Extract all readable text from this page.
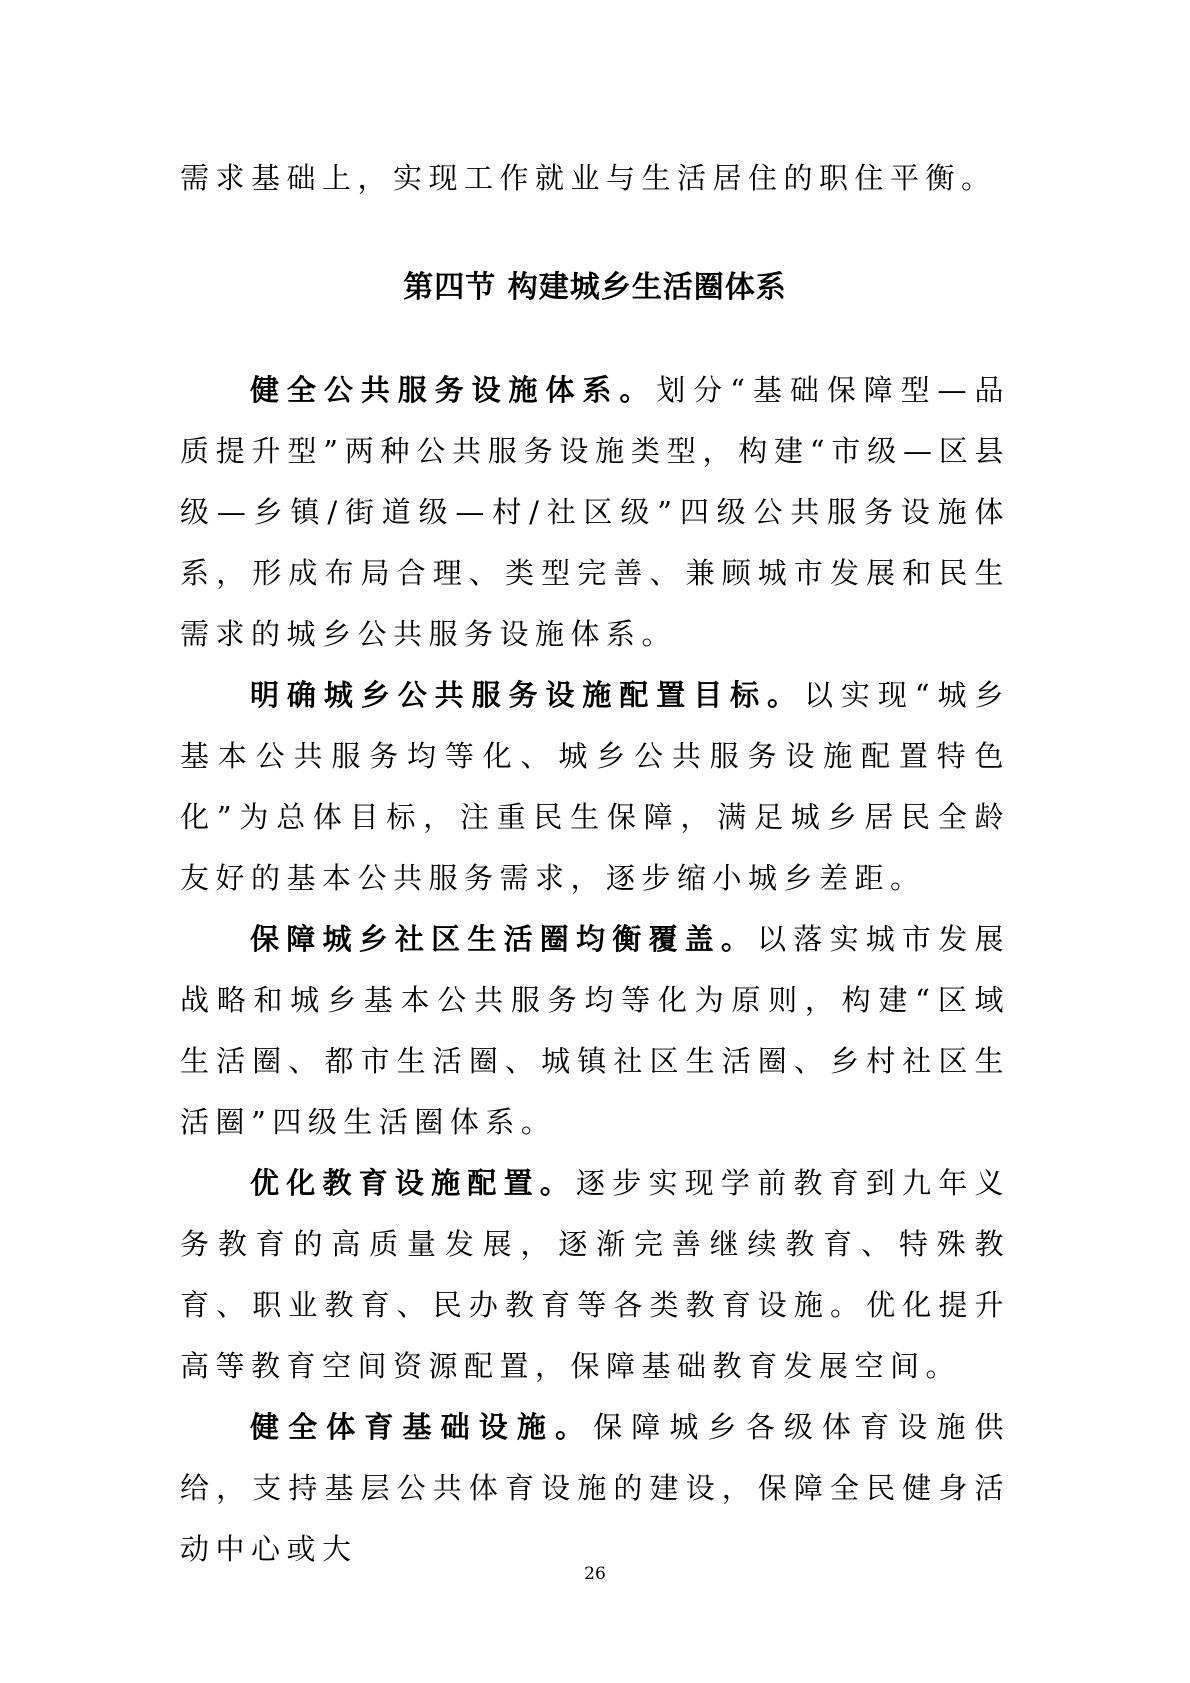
需求基础上，实现工作就业与生活居住的职住平衡。
第四节 构建城乡生活圈体系

健全公共服务设施体系。划分“基础保障型—品质提升型”两种公共服务设施类型，构建“市级—区县级—乡镇/街道级—村/社区级”四级公共服务设施体系，形成布局合理、类型完善、兼顾城市发展和民生需求的城乡公共服务设施体系。

明确城乡公共服务设施配置目标。以实现“城乡基本公共服务均等化、城乡公共服务设施配置特色化”为总体目标，注重民生保障，满足城乡居民全龄友好的基本公共服务需求，逐步缩小城乡差距。

保障城乡社区生活圈均衡覆盖。以落实城市发展战略和城乡基本公共服务均等化为原则，构建“区域生活圈、都市生活圈、城镇社区生活圈、乡村社区生活圈”四级生活圈体系。

优化教育设施配置。逐步实现学前教育到九年义务教育的高质量发展，逐渐完善继续教育、特殊教育、职业教育、民办教育等各类教育设施。优化提升高等教育空间资源配置，保障基础教育发展空间。

健全体育基础设施。保障城乡各级体育设施供给，支持基层公共体育设施的建设，保障全民健身活动中心或大

26
